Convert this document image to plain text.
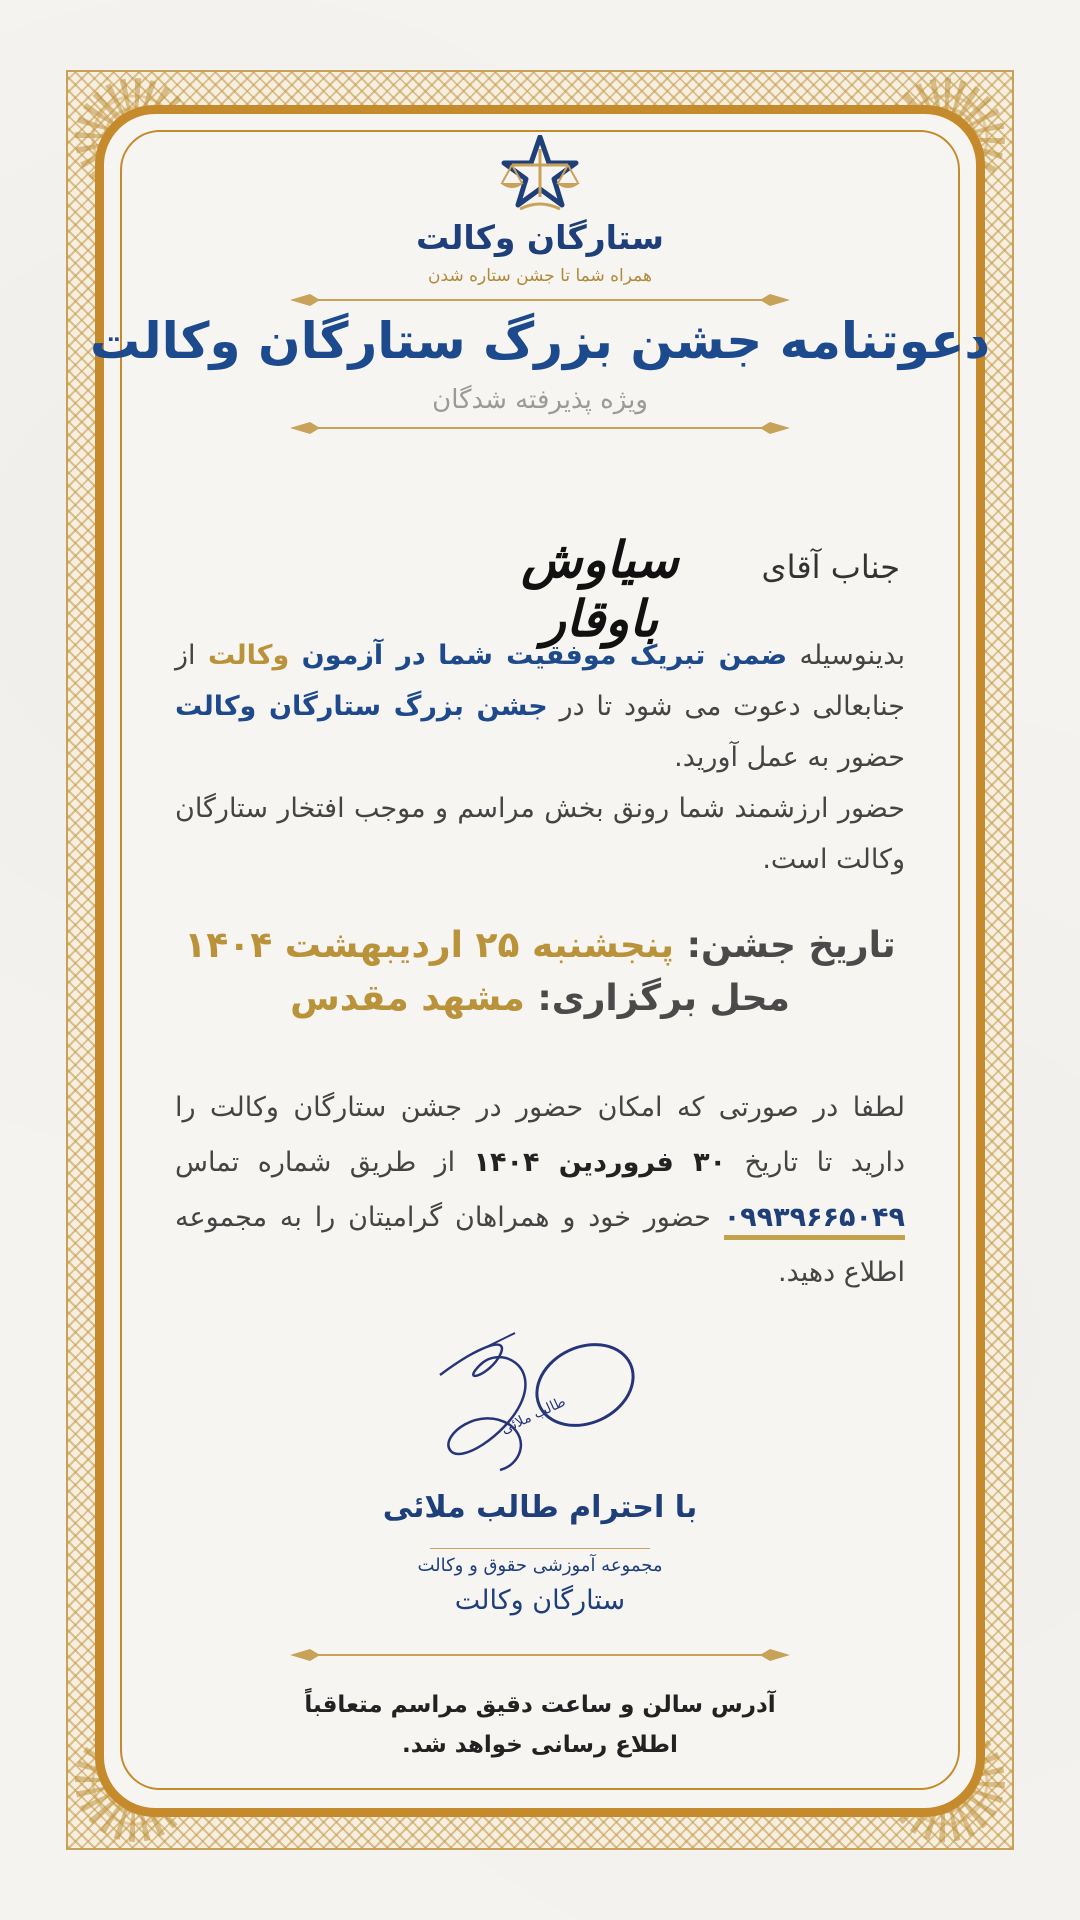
ستارگان وکالت
همراه شما تا جشن ستاره شدن
دعوتنامه جشن بزرگ ستارگان وکالت
ویژه پذیرفته شدگان
جناب آقای
سیاوش باوقار
بدینوسیله ضمن تبریک موفقیت شما در آزمون وکالت از جنابعالی دعوت می شود تا در جشن بزرگ ستارگان وکالت حضور به عمل آورید.
حضور ارزشمند شما رونق بخش مراسم و موجب افتخار ستارگان وکالت است.
تاریخ جشن: پنجشنبه ۲۵ اردیبهشت ۱۴۰۴
محل برگزاری: مشهد مقدس
لطفا در صورتی که امکان حضور در جشن ستارگان وکالت را دارید تا تاریخ ۳۰ فروردین ۱۴۰۴ از طریق شماره تماس ۰۹۹۳۹۶۶۵۰۴۹ حضور خود و همراهان گرامیتان را به مجموعه اطلاع دهید.
طالب ملائی
با احترام طالب ملائی
مجموعه آموزشی حقوق و وکالت
ستارگان وکالت
آدرس سالن و ساعت دقیق مراسم متعاقباً
اطلاع رسانی خواهد شد.
